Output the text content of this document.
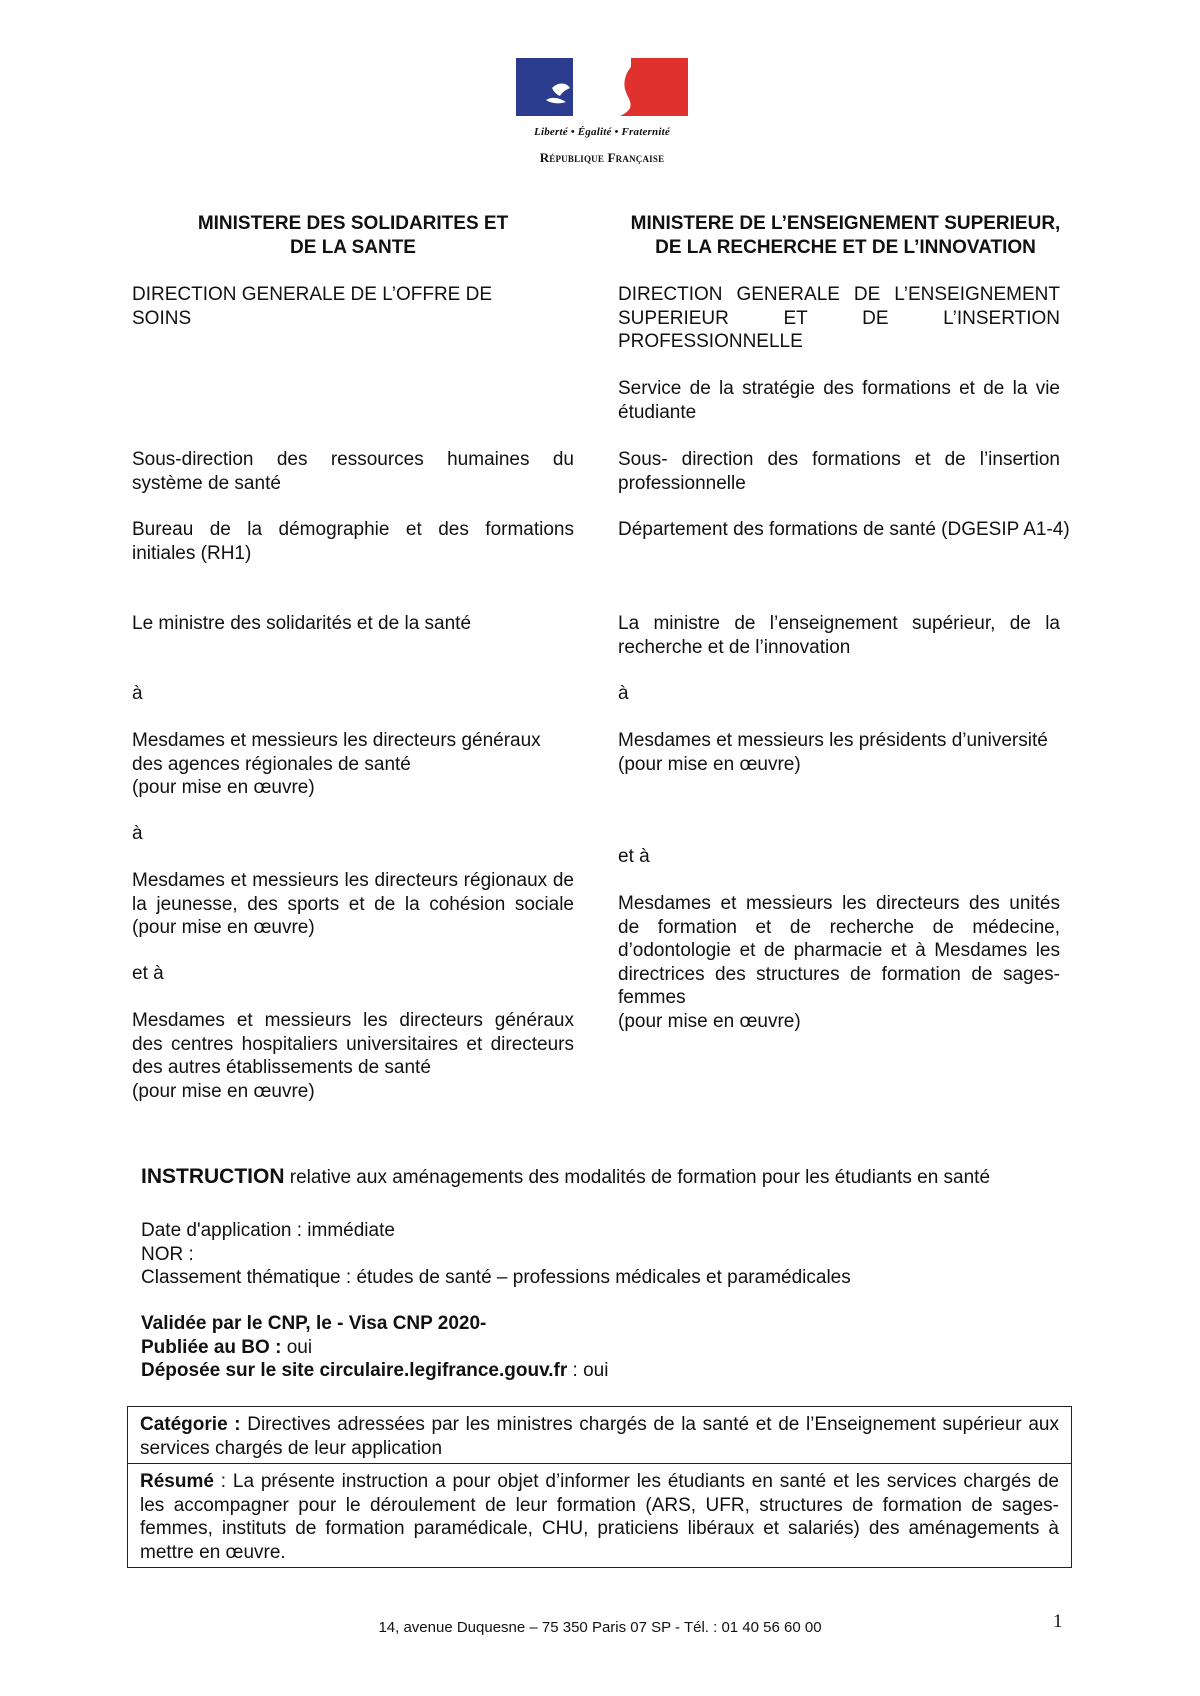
Liberté • Égalité • Fraternité
République Française

MINISTERE DES SOLIDARITES ET
DE LA SANTE

DIRECTION GENERALE DE L’OFFRE DE SOINS

Sous-direction des ressources humaines du système de santé

Bureau de la démographie et des formations initiales (RH1)

Le ministre des solidarités et de la santé

à

Mesdames et messieurs les directeurs généraux des agences régionales de santé
(pour mise en œuvre)

à

Mesdames et messieurs les directeurs régionaux de la jeunesse, des sports et de la cohésion sociale (pour mise en œuvre)

et à

Mesdames et messieurs les directeurs généraux des centres hospitaliers universitaires et directeurs des autres établissements de santé
(pour mise en œuvre)

MINISTERE DE L’ENSEIGNEMENT SUPERIEUR,
DE LA RECHERCHE ET DE L’INNOVATION

DIRECTION GENERALE DE L’ENSEIGNEMENT SUPERIEUR ET DE L’INSERTION PROFESSIONNELLE

Service de la stratégie des formations et de la vie étudiante

Sous- direction des formations et de l’insertion professionnelle

Département des formations de santé (DGESIP A1-4)

La ministre de l’enseignement supérieur, de la recherche et de l’innovation

à

Mesdames et messieurs les présidents d’université
(pour mise en œuvre)

et à

Mesdames et messieurs les directeurs des unités de formation et de recherche de médecine, d’odontologie et de pharmacie et à Mesdames les directrices des structures de formation de sages-femmes
(pour mise en œuvre)

INSTRUCTION relative aux aménagements des modalités de formation pour les étudiants en santé

Date d'application : immédiate

NOR :

Classement thématique : études de santé – professions médicales et paramédicales

Validée par le CNP, le - Visa CNP 2020-

Publiée au BO : oui

Déposée sur le site circulaire.legifrance.gouv.fr : oui

Catégorie : Directives adressées par les ministres chargés de la santé et de l’Enseignement supérieur aux services chargés de leur application
Résumé : La présente instruction a pour objet d’informer les étudiants en santé et les services chargés de les accompagner pour le déroulement de leur formation (ARS, UFR, structures de formation de sages-femmes, instituts de formation paramédicale, CHU, praticiens libéraux et salariés) des aménagements à mettre en œuvre.
14, avenue Duquesne – 75 350 Paris 07 SP - Tél. : 01 40 56 60 00	1
